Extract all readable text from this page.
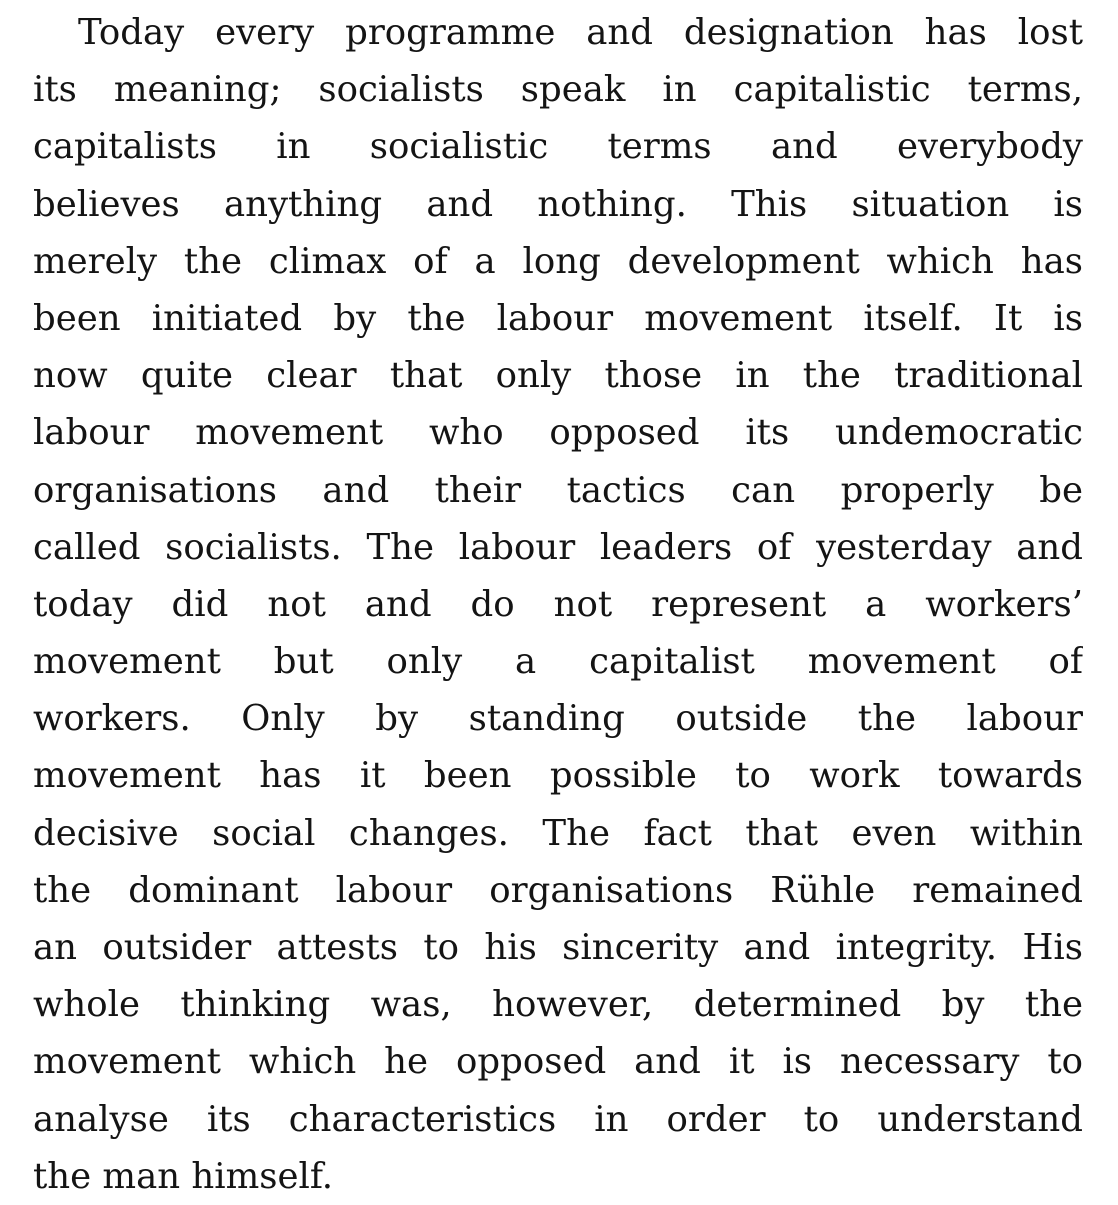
Today every programme and designation has lost
its meaning; socialists speak in capitalistic terms,
capitalists in socialistic terms and everybody
believes anything and nothing. This situation is
merely the climax of a long development which has
been initiated by the labour movement itself. It is
now quite clear that only those in the traditional
labour movement who opposed its undemocratic
organisations and their tactics can properly be
called socialists. The labour leaders of yesterday and
today did not and do not represent a workers’
movement but only a capitalist movement of
workers. Only by standing outside the labour
movement has it been possible to work towards
decisive social changes. The fact that even within
the dominant labour organisations Rühle remained
an outsider attests to his sincerity and integrity. His
whole thinking was, however, determined by the
movement which he opposed and it is necessary to
analyse its characteristics in order to understand
the man himself.
